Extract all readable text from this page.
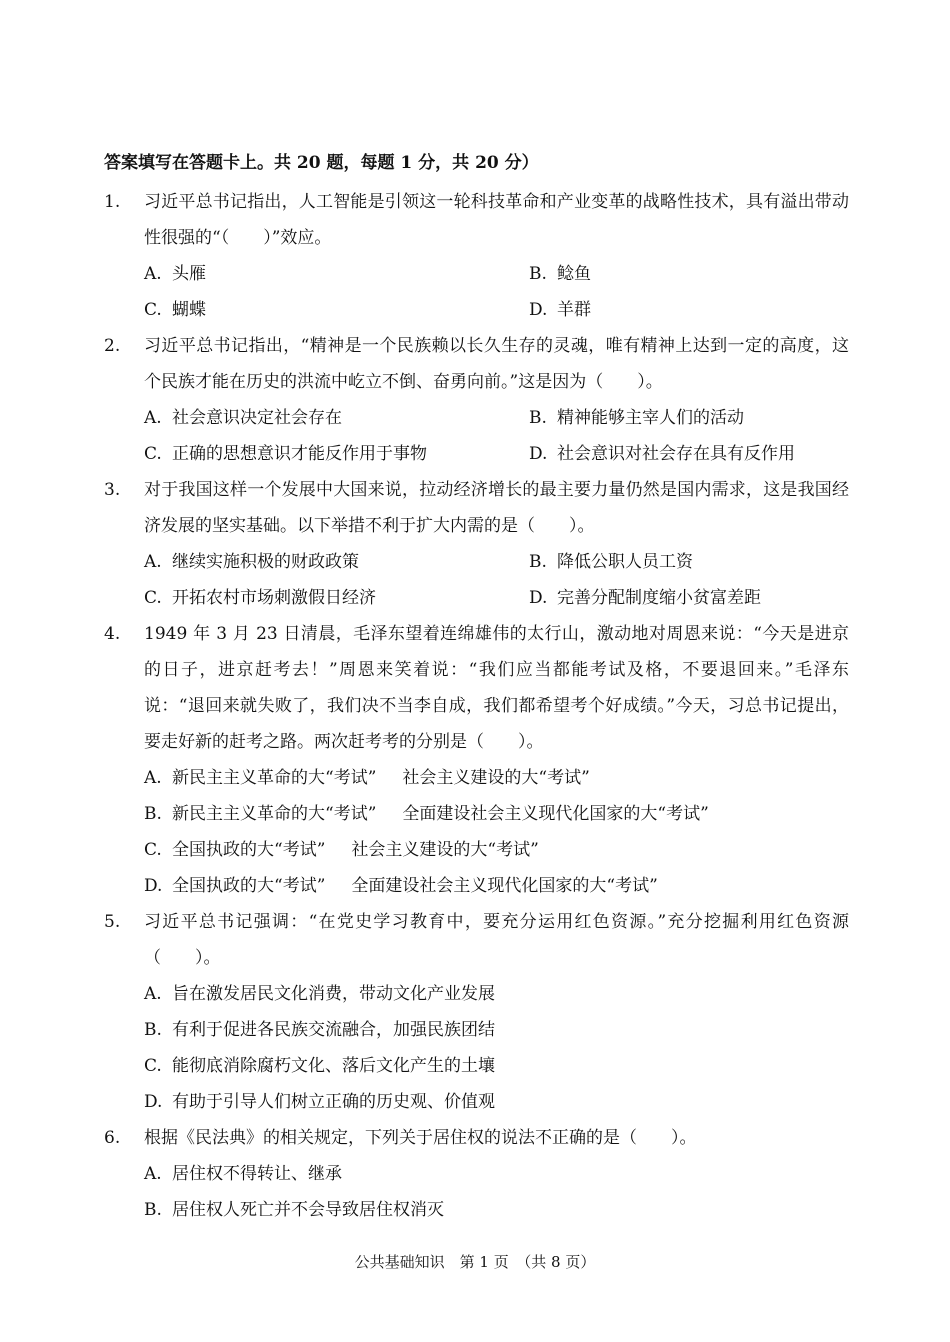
答案填写在答题卡上。共 20 题，每题 1 分，共 20 分）
1.	习近平总书记指出，人工智能是引领这一轮科技革命和产业变革的战略性技术，具有溢出带动性很强的“（　　）”效应。
A. 头雁	B. 鲶鱼
C. 蝴蝶	D. 羊群
2.	习近平总书记指出，“精神是一个民族赖以长久生存的灵魂，唯有精神上达到一定的高度，这个民族才能在历史的洪流中屹立不倒、奋勇向前。”这是因为（　　）。
A. 社会意识决定社会存在	B. 精神能够主宰人们的活动
C. 正确的思想意识才能反作用于事物	D. 社会意识对社会存在具有反作用
3.	对于我国这样一个发展中大国来说，拉动经济增长的最主要力量仍然是国内需求，这是我国经济发展的坚实基础。以下举措不利于扩大内需的是（　　）。
A. 继续实施积极的财政政策	B. 降低公职人员工资
C. 开拓农村市场刺激假日经济	D. 完善分配制度缩小贫富差距
4.	1949 年 3 月 23 日清晨，毛泽东望着连绵雄伟的太行山，激动地对周恩来说：“今天是进京的日子，进京赶考去！”周恩来笑着说：“我们应当都能考试及格，不要退回来。”毛泽东说：“退回来就失败了，我们决不当李自成，我们都希望考个好成绩。”今天，习总书记提出，要走好新的赶考之路。两次赶考考的分别是（　　）。
A. 新民主主义革命的大“考试” 社会主义建设的大“考试”
B. 新民主主义革命的大“考试” 全面建设社会主义现代化国家的大“考试”
C. 全国执政的大“考试” 社会主义建设的大“考试”
D. 全国执政的大“考试” 全面建设社会主义现代化国家的大“考试”
5.	习近平总书记强调：“在党史学习教育中，要充分运用红色资源。”充分挖掘利用红色资源（　　）。
A. 旨在激发居民文化消费，带动文化产业发展
B. 有利于促进各民族交流融合，加强民族团结
C. 能彻底消除腐朽文化、落后文化产生的土壤
D. 有助于引导人们树立正确的历史观、价值观
6.	根据《民法典》的相关规定，下列关于居住权的说法不正确的是（　　）。
A. 居住权不得转让、继承
B. 居住权人死亡并不会导致居住权消灭
公共基础知识　第 1 页　（共 8 页）
